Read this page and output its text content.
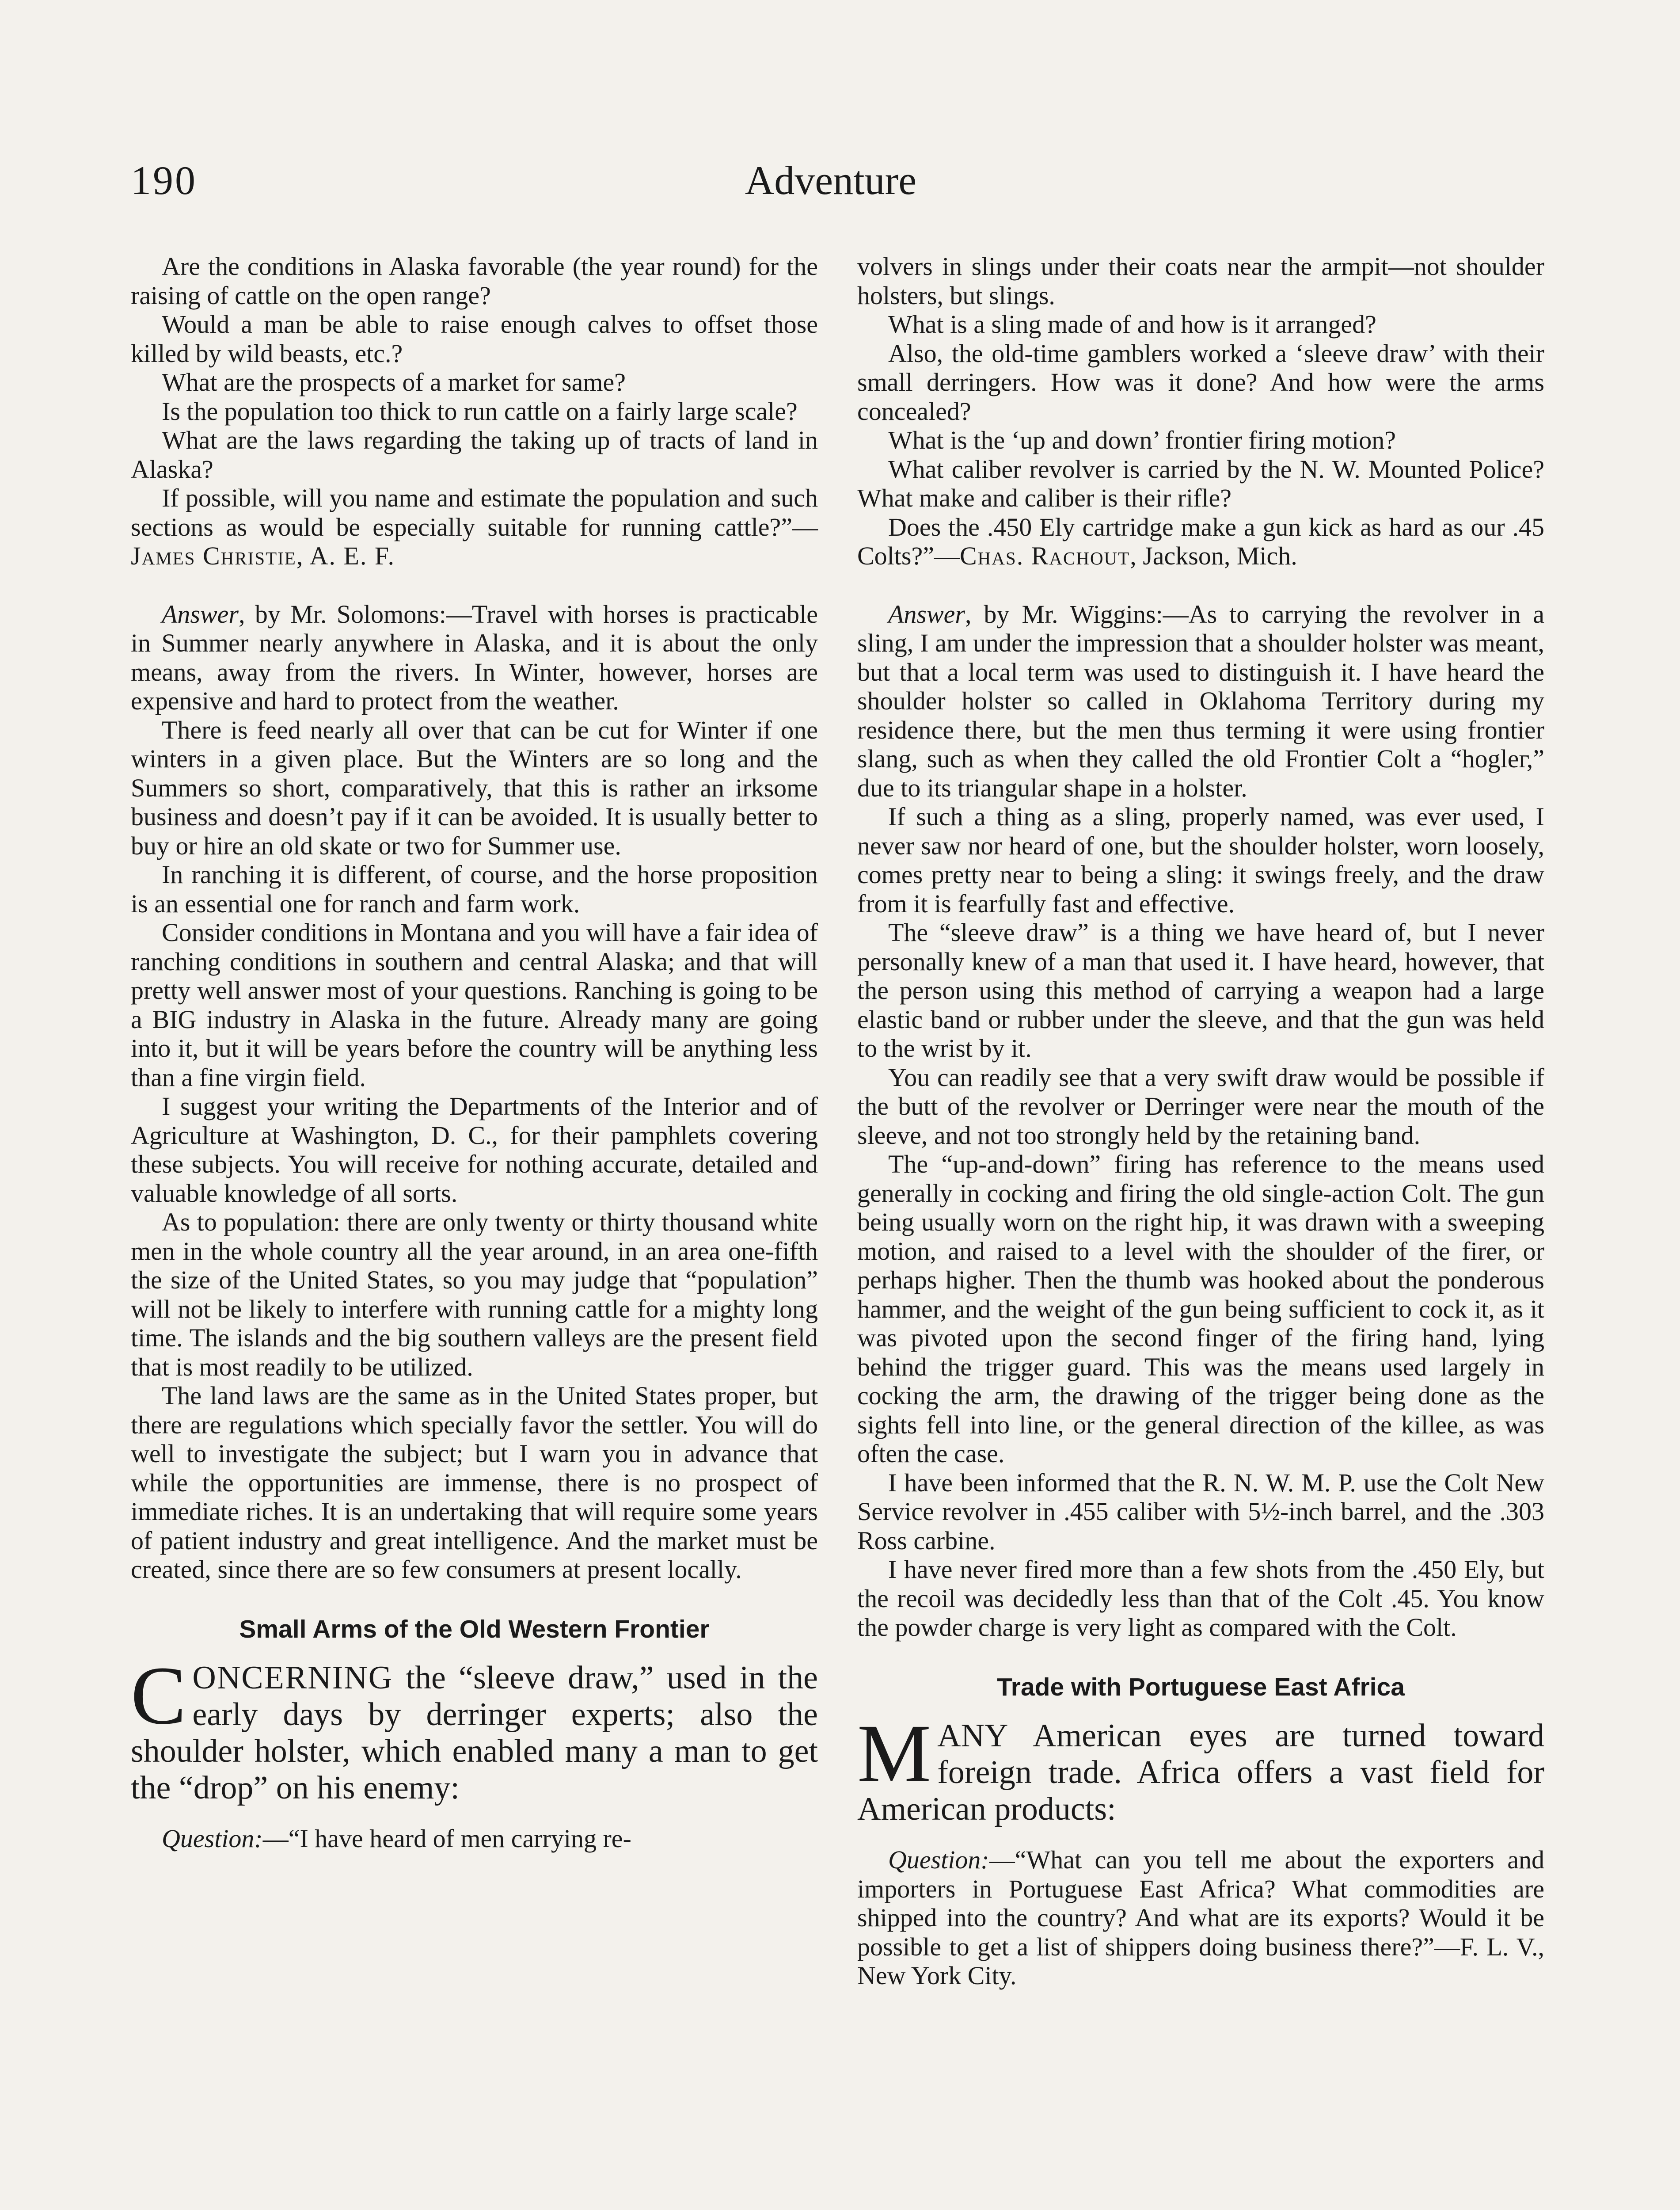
190	Adventure

Are the conditions in Alaska favorable (the year round) for the raising of cattle on the open range?

Would a man be able to raise enough calves to offset those killed by wild beasts, etc.?

What are the prospects of a market for same?

Is the population too thick to run cattle on a fairly large scale?

What are the laws regarding the taking up of tracts of land in Alaska?

If possible, will you name and estimate the population and such sections as would be especially suitable for running cattle?”—James Christie, A. E. F.

Answer, by Mr. Solomons:—Travel with horses is practicable in Summer nearly anywhere in Alaska, and it is about the only means, away from the rivers. In Winter, however, horses are expensive and hard to protect from the weather.

There is feed nearly all over that can be cut for Winter if one winters in a given place. But the Winters are so long and the Summers so short, comparatively, that this is rather an irksome business and doesn’t pay if it can be avoided. It is usually better to buy or hire an old skate or two for Summer use.

In ranching it is different, of course, and the horse proposition is an essential one for ranch and farm work.

Consider conditions in Montana and you will have a fair idea of ranching conditions in southern and central Alaska; and that will pretty well answer most of your questions. Ranching is going to be a BIG industry in Alaska in the future. Already many are going into it, but it will be years before the country will be anything less than a fine virgin field.

I suggest your writing the Departments of the Interior and of Agriculture at Washington, D. C., for their pamphlets covering these subjects. You will receive for nothing accurate, detailed and valuable knowledge of all sorts.

As to population: there are only twenty or thirty thousand white men in the whole country all the year around, in an area one-fifth the size of the United States, so you may judge that “population” will not be likely to interfere with running cattle for a mighty long time. The islands and the big southern valleys are the present field that is most readily to be utilized.

The land laws are the same as in the United States proper, but there are regulations which specially favor the settler. You will do well to investigate the subject; but I warn you in advance that while the opportunities are immense, there is no prospect of immediate riches. It is an undertaking that will require some years of patient industry and great intelligence. And the market must be created, since there are so few consumers at present locally.

Small Arms of the Old Western Frontier

CONCERNING the “sleeve draw,” used in the early days by derringer experts; also the shoulder holster, which enabled many a man to get the “drop” on his enemy:

Question:—“I have heard of men carrying re-

volvers in slings under their coats near the armpit—not shoulder holsters, but slings.

What is a sling made of and how is it arranged?

Also, the old-time gamblers worked a ‘sleeve draw’ with their small derringers. How was it done? And how were the arms concealed?

What is the ‘up and down’ frontier firing motion?

What caliber revolver is carried by the N. W. Mounted Police? What make and caliber is their rifle?

Does the .450 Ely cartridge make a gun kick as hard as our .45 Colts?”—Chas. Rachout, Jackson, Mich.

Answer, by Mr. Wiggins:—As to carrying the revolver in a sling, I am under the impression that a shoulder holster was meant, but that a local term was used to distinguish it. I have heard the shoulder holster so called in Oklahoma Territory during my residence there, but the men thus terming it were using frontier slang, such as when they called the old Frontier Colt a “hoglег,” due to its triangular shape in a holster.

If such a thing as a sling, properly named, was ever used, I never saw nor heard of one, but the shoulder holster, worn loosely, comes pretty near to being a sling: it swings freely, and the draw from it is fearfully fast and effective.

The “sleeve draw” is a thing we have heard of, but I never personally knew of a man that used it. I have heard, however, that the person using this method of carrying a weapon had a large elastic band or rubber under the sleeve, and that the gun was held to the wrist by it.

You can readily see that a very swift draw would be possible if the butt of the revolver or Derringer were near the mouth of the sleeve, and not too strongly held by the retaining band.

The “up-and-down” firing has reference to the means used generally in cocking and firing the old single-action Colt. The gun being usually worn on the right hip, it was drawn with a sweeping motion, and raised to a level with the shoulder of the firer, or perhaps higher. Then the thumb was hooked about the ponderous hammer, and the weight of the gun being sufficient to cock it, as it was pivoted upon the second finger of the firing hand, lying behind the trigger guard. This was the means used largely in cocking the arm, the drawing of the trigger being done as the sights fell into line, or the general direction of the killee, as was often the case.

I have been informed that the R. N. W. M. P. use the Colt New Service revolver in .455 caliber with 5½-inch barrel, and the .303 Ross carbine.

I have never fired more than a few shots from the .450 Ely, but the recoil was decidedly less than that of the Colt .45. You know the powder charge is very light as compared with the Colt.

Trade with Portuguese East Africa

MANY American eyes are turned toward foreign trade. Africa offers a vast field for American products:

Question:—“What can you tell me about the exporters and importers in Portuguese East Africa? What commodities are shipped into the country? And what are its exports? Would it be possible to get a list of shippers doing business there?”—F. L. V., New York City.
